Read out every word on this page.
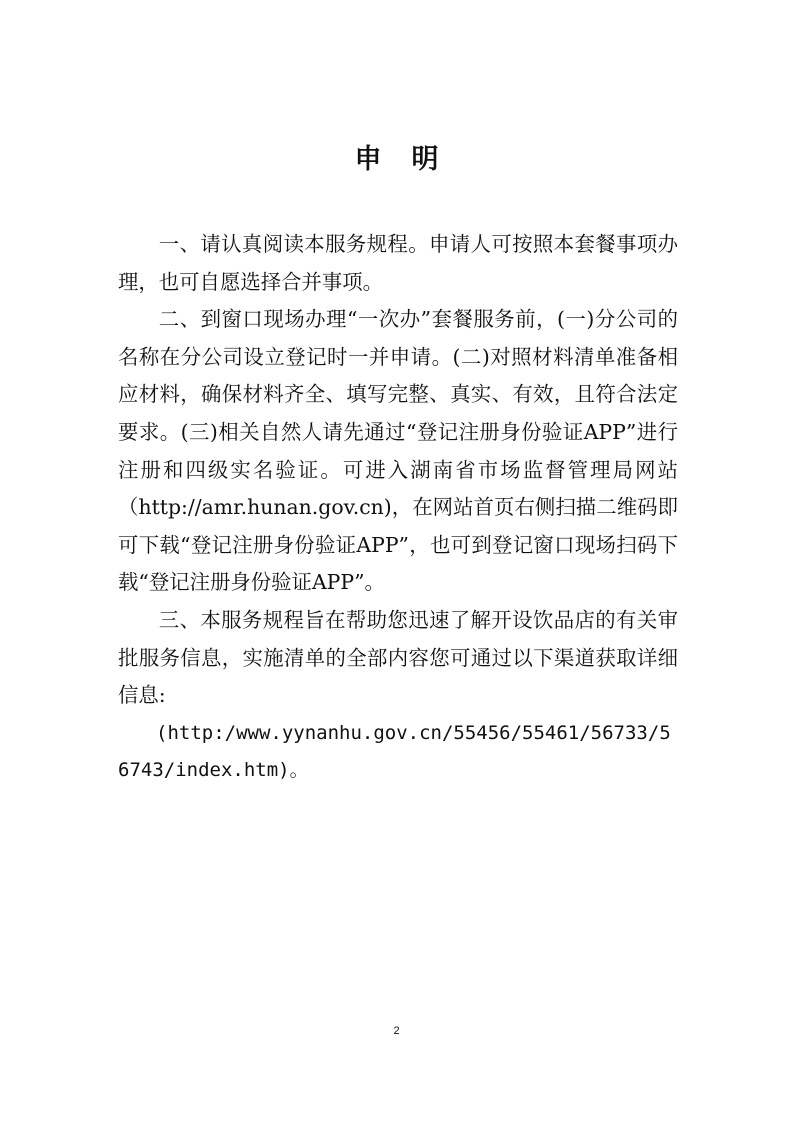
申明

一、请认真阅读本服务规程。申请人可按照本套餐事项办理，也可自愿选择合并事项。

二、到窗口现场办理“一次办”套餐服务前，(一)分公司的名称在分公司设立登记时一并申请。(二)对照材料清单准备相应材料，确保材料齐全、填写完整、真实、有效，且符合法定要求。(三)相关自然人请先通过“登记注册身份验证APP”进行注册和四级实名验证。可进入湖南省市场监督管理局网站（http://amr.hunan.gov.cn)，在网站首页右侧扫描二维码即可下载“登记注册身份验证APP”，也可到登记窗口现场扫码下载“登记注册身份验证APP”。

三、本服务规程旨在帮助您迅速了解开设饮品店的有关审批服务信息，实施清单的全部内容您可通过以下渠道获取详细信息:

(http:/www.yynanhu.gov.cn/55456/55461/56733/56743/index.htm)。

2
